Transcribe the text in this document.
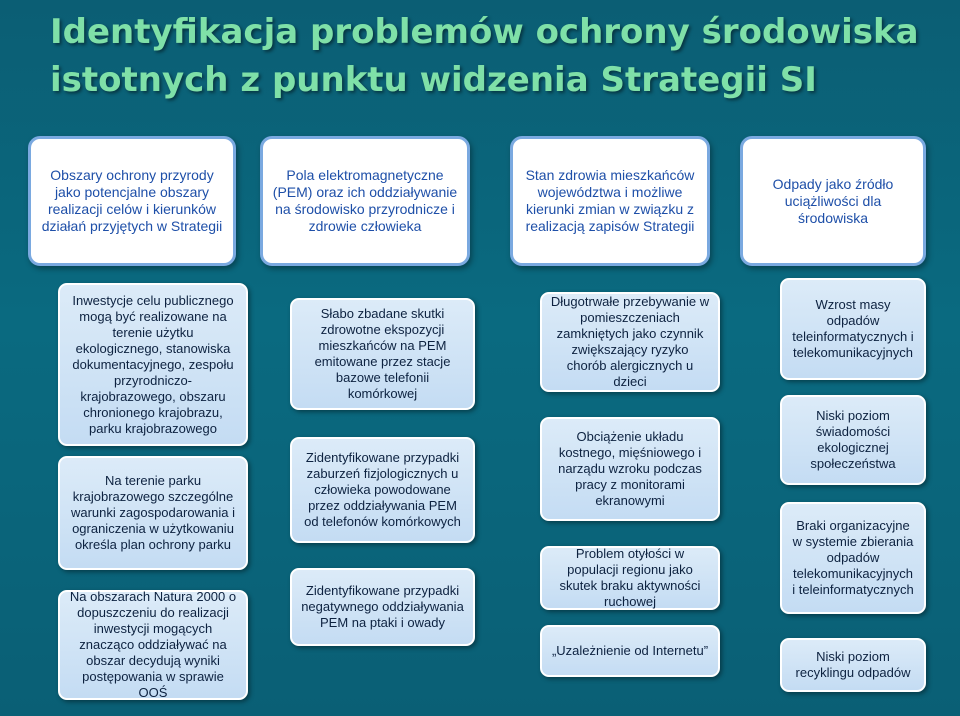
Identyfikacja problemów ochrony środowiska
istotnych z punktu widzenia Strategii SI
Obszary ochrony przyrody jako potencjalne obszary realizacji celów i kierunków działań przyjętych w Strategii
Pola elektromagnetyczne (PEM) oraz ich oddziaływanie na środowisko przyrodnicze i zdrowie człowieka
Stan zdrowia mieszkańców województwa i możliwe kierunki zmian w związku z realizacją zapisów Strategii
Odpady jako źródło uciążliwości dla środowiska
Inwestycje celu publicznego mogą być realizowane na terenie użytku ekologicznego, stanowiska dokumentacyjnego, zespołu przyrodniczo-krajobrazowego, obszaru chronionego krajobrazu, parku krajobrazowego
Na terenie parku krajobrazowego szczególne warunki zagospodarowania i ograniczenia w użytkowaniu określa plan ochrony parku
Na obszarach Natura 2000 o dopuszczeniu do realizacji inwestycji mogących znacząco oddziaływać na obszar decydują wyniki postępowania w sprawie OOŚ
Słabo zbadane skutki zdrowotne ekspozycji mieszkańców na PEM emitowane przez stacje bazowe telefonii komórkowej
Zidentyfikowane przypadki zaburzeń fizjologicznych u człowieka powodowane przez oddziaływania PEM od telefonów komórkowych
Zidentyfikowane przypadki negatywnego oddziaływania PEM na ptaki i owady
Długotrwałe przebywanie w pomieszczeniach zamkniętych jako czynnik zwiększający ryzyko chorób alergicznych u dzieci
Obciążenie układu kostnego, mięśniowego i narządu wzroku podczas pracy z monitorami ekranowymi
Problem otyłości w populacji regionu jako skutek braku aktywności ruchowej
„Uzależnienie od Internetu”
Wzrost masy odpadów teleinformatycznych i telekomunikacyjnych
Niski poziom świadomości ekologicznej społeczeństwa
Braki organizacyjne w systemie zbierania odpadów telekomunikacyjnych i teleinformatycznych
Niski poziom recyklingu odpadów
